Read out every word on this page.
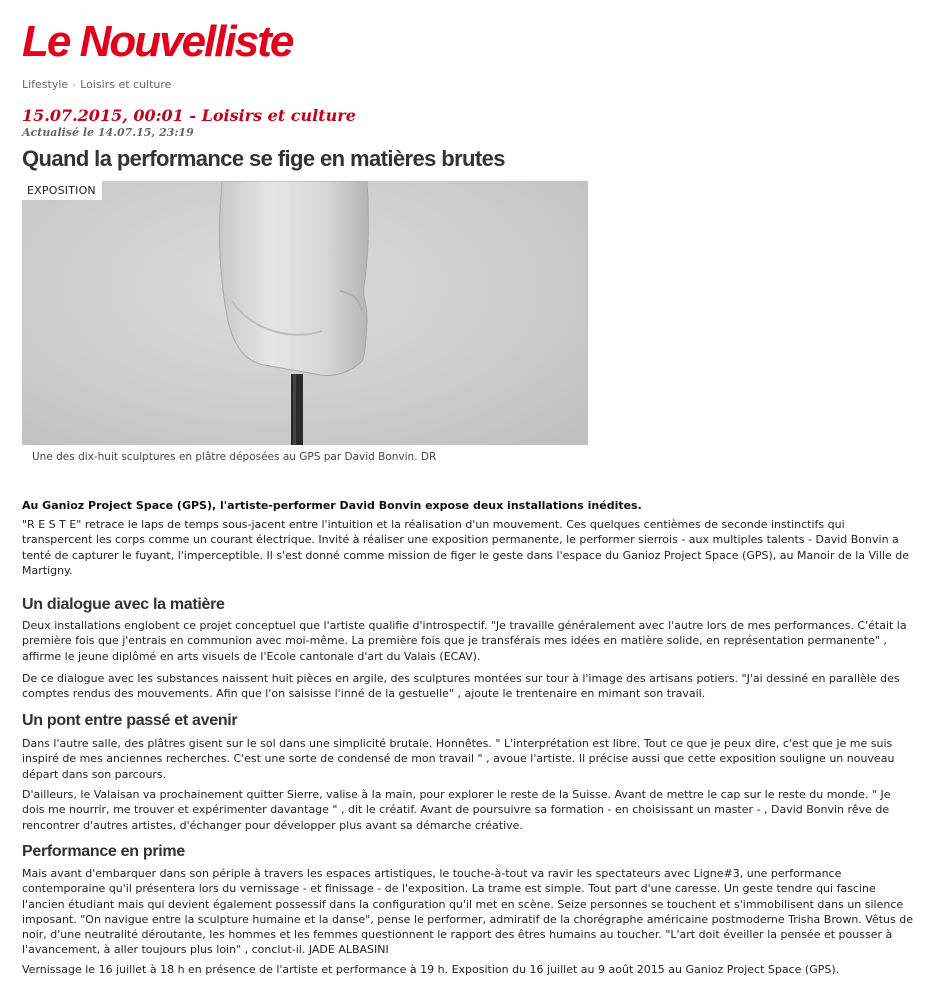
Le Nouvelliste
Lifestyle › Loisirs et culture
15.07.2015, 00:01 - Loisirs et culture
Actualisé le 14.07.15, 23:19
Quand la performance se fige en matières brutes
EXPOSITION
Une des dix-huit sculptures en plâtre déposées au GPS par David Bonvin. DR
Au Ganioz Project Space (GPS), l'artiste-performer David Bonvin expose deux installations inédites.

"R E S T E" retrace le laps de temps sous-jacent entre l'intuition et la réalisation d'un mouvement. Ces quelques centièmes de seconde instinctifs qui
transpercent les corps comme un courant électrique. Invité à réaliser une exposition permanente, le performer sierrois - aux multiples talents - David Bonvin a
tenté de capturer le fuyant, l'imperceptible. Il s'est donné comme mission de figer le geste dans l'espace du Ganioz Project Space (GPS), au Manoir de la Ville de
Martigny.

Un dialogue avec la matière

Deux installations englobent ce projet conceptuel que l'artiste qualifie d'introspectif. "Je travaille généralement avec l'autre lors de mes performances. C'était la
première fois que j'entrais en communion avec moi-même. La première fois que je transférais mes idées en matière solide, en représentation permanente" ,
affirme le jeune diplômé en arts visuels de l'Ecole cantonale d'art du Valais (ECAV).

De ce dialogue avec les substances naissent huit pièces en argile, des sculptures montées sur tour à l'image des artisans potiers. "J'ai dessiné en parallèle des
comptes rendus des mouvements. Afin que l'on saisisse l'inné de la gestuelle" , ajoute le trentenaire en mimant son travail.

Un pont entre passé et avenir

Dans l'autre salle, des plâtres gisent sur le sol dans une simplicité brutale. Honnêtes. " L'interprétation est libre. Tout ce que je peux dire, c'est que je me suis
inspiré de mes anciennes recherches. C'est une sorte de condensé de mon travail " , avoue l'artiste. Il précise aussi que cette exposition souligne un nouveau
départ dans son parcours.

D'ailleurs, le Valaisan va prochainement quitter Sierre, valise à la main, pour explorer le reste de la Suisse. Avant de mettre le cap sur le reste du monde. " Je
dois me nourrir, me trouver et expérimenter davantage " , dit le créatif. Avant de poursuivre sa formation - en choisissant un master - , David Bonvin rêve de
rencontrer d'autres artistes, d'échanger pour développer plus avant sa démarche créative.

Performance en prime

Mais avant d'embarquer dans son périple à travers les espaces artistiques, le touche-à-tout va ravir les spectateurs avec Ligne#3, une performance
contemporaine qu'il présentera lors du vernissage - et finissage - de l'exposition. La trame est simple. Tout part d'une caresse. Un geste tendre qui fascine
l'ancien étudiant mais qui devient également possessif dans la configuration qu'il met en scène. Seize personnes se touchent et s'immobilisent dans un silence
imposant. "On navigue entre la sculpture humaine et la danse", pense le performer, admiratif de la chorégraphe américaine postmoderne Trisha Brown. Vêtus de
noir, d'une neutralité déroutante, les hommes et les femmes questionnent le rapport des êtres humains au toucher. "L'art doit éveiller la pensée et pousser à
l'avancement, à aller toujours plus loin" , conclut-il. JADE ALBASINI

Vernissage le 16 juillet à 18 h en présence de l'artiste et performance à 19 h. Exposition du 16 juillet au 9 août 2015 au Ganioz Project Space (GPS).
